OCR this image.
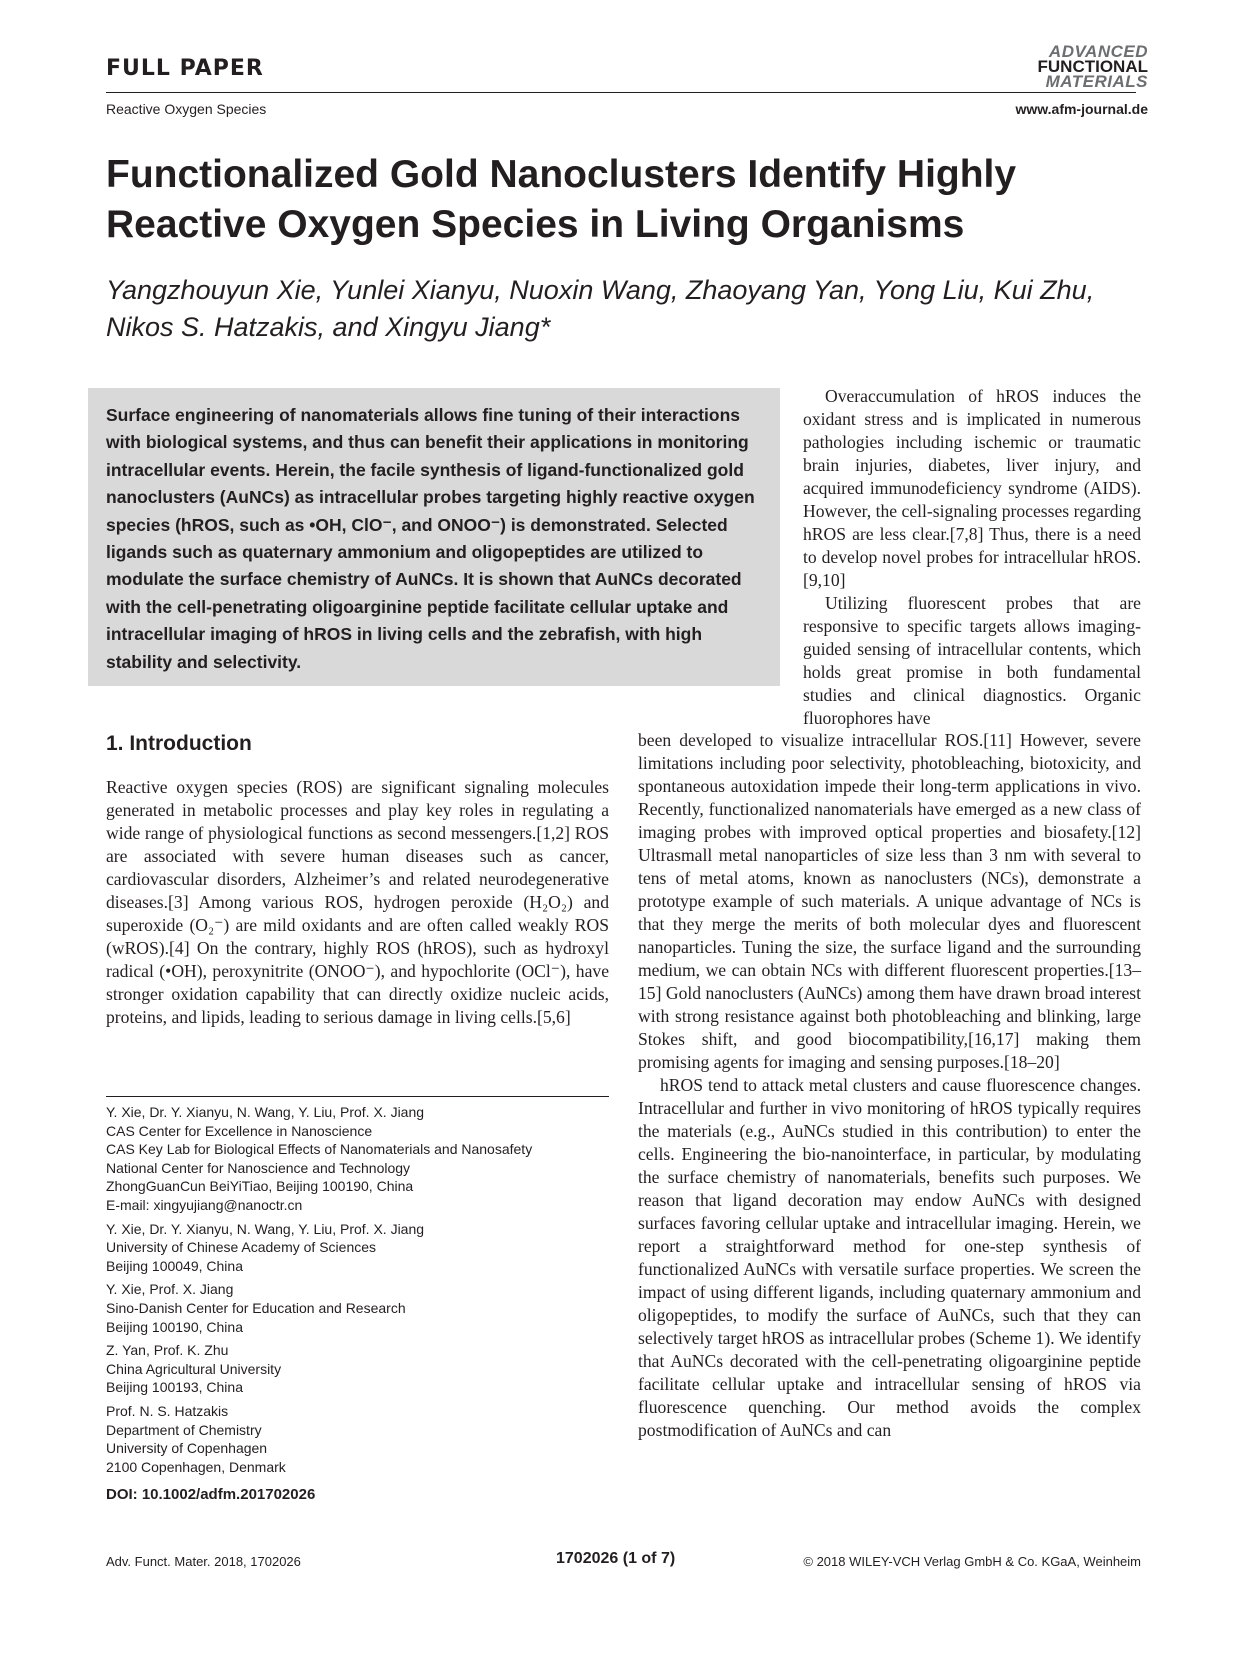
FULL PAPER
Reactive Oxygen Species
ADVANCED
FUNCTIONAL
MATERIALS
www.afm-journal.de
Functionalized Gold Nanoclusters Identify Highly Reactive Oxygen Species in Living Organisms
Yangzhouyun Xie, Yunlei Xianyu, Nuoxin Wang, Zhaoyang Yan, Yong Liu, Kui Zhu,
Nikos S. Hatzakis, and Xingyu Jiang*

Surface engineering of nanomaterials allows fine tuning of their interactions with biological systems, and thus can benefit their applications in monitoring intracellular events. Herein, the facile synthesis of ligand-functionalized gold nanoclusters (AuNCs) as intracellular probes targeting highly reactive oxygen species (hROS, such as •OH, ClO⁻, and ONOO⁻) is demonstrated. Selected ligands such as quaternary ammonium and oligopeptides are utilized to modulate the surface chemistry of AuNCs. It is shown that AuNCs decorated with the cell-penetrating oligoarginine peptide facilitate cellular uptake and intracellular imaging of hROS in living cells and the zebrafish, with high stability and selectivity.

Overaccumulation of hROS induces the oxidant stress and is implicated in numerous pathologies including ischemic or traumatic brain injuries, diabetes, liver injury, and acquired immunodeficiency syndrome (AIDS). However, the cell-signaling processes regarding hROS are less clear.[7,8] Thus, there is a need to develop novel probes for intracellular hROS.[9,10]

Utilizing fluorescent probes that are responsive to specific targets allows imaging-guided sensing of intracellular contents, which holds great promise in both fundamental studies and clinical diagnostics. Organic fluorophores have

1. Introduction

Reactive oxygen species (ROS) are significant signaling molecules generated in metabolic processes and play key roles in regulating a wide range of physiological functions as second messengers.[1,2] ROS are associated with severe human diseases such as cancer, cardiovascular disorders, Alzheimer’s and related neurodegenerative diseases.[3] Among various ROS, hydrogen peroxide (H₂O₂) and superoxide (O₂⁻) are mild oxidants and are often called weakly ROS (wROS).[4] On the contrary, highly ROS (hROS), such as hydroxyl radical (•OH), peroxynitrite (ONOO⁻), and hypochlorite (OCl⁻), have stronger oxidation capability that can directly oxidize nucleic acids, proteins, and lipids, leading to serious damage in living cells.[5,6]

been developed to visualize intracellular ROS.[11] However, severe limitations including poor selectivity, photobleaching, biotoxicity, and spontaneous autoxidation impede their long-term applications in vivo. Recently, functionalized nanomaterials have emerged as a new class of imaging probes with improved optical properties and biosafety.[12] Ultrasmall metal nanoparticles of size less than 3 nm with several to tens of metal atoms, known as nanoclusters (NCs), demonstrate a prototype example of such materials. A unique advantage of NCs is that they merge the merits of both molecular dyes and fluorescent nanoparticles. Tuning the size, the surface ligand and the surrounding medium, we can obtain NCs with different fluorescent properties.[13–15] Gold nanoclusters (AuNCs) among them have drawn broad interest with strong resistance against both photobleaching and blinking, large Stokes shift, and good biocompatibility,[16,17] making them promising agents for imaging and sensing purposes.[18–20]

hROS tend to attack metal clusters and cause fluorescence changes. Intracellular and further in vivo monitoring of hROS typically requires the materials (e.g., AuNCs studied in this contribution) to enter the cells. Engineering the bio-nanointerface, in particular, by modulating the surface chemistry of nanomaterials, benefits such purposes. We reason that ligand decoration may endow AuNCs with designed surfaces favoring cellular uptake and intracellular imaging. Herein, we report a straightforward method for one-step synthesis of functionalized AuNCs with versatile surface properties. We screen the impact of using different ligands, including quaternary ammonium and oligopeptides, to modify the surface of AuNCs, such that they can selectively target hROS as intracellular probes (Scheme 1). We identify that AuNCs decorated with the cell-penetrating oligoarginine peptide facilitate cellular uptake and intracellular sensing of hROS via fluorescence quenching. Our method avoids the complex postmodification of AuNCs and can

Y. Xie, Dr. Y. Xianyu, N. Wang, Y. Liu, Prof. X. Jiang
CAS Center for Excellence in Nanoscience
CAS Key Lab for Biological Effects of Nanomaterials and Nanosafety
National Center for Nanoscience and Technology
ZhongGuanCun BeiYiTiao, Beijing 100190, China
E-mail: xingyujiang@nanoctr.cn
Y. Xie, Dr. Y. Xianyu, N. Wang, Y. Liu, Prof. X. Jiang
University of Chinese Academy of Sciences
Beijing 100049, China
Y. Xie, Prof. X. Jiang
Sino-Danish Center for Education and Research
Beijing 100190, China
Z. Yan, Prof. K. Zhu
China Agricultural University
Beijing 100193, China
Prof. N. S. Hatzakis
Department of Chemistry
University of Copenhagen
2100 Copenhagen, Denmark
DOI: 10.1002/adfm.201702026
Adv. Funct. Mater. 2018, 1702026	1702026 (1 of 7)	© 2018 WILEY-VCH Verlag GmbH & Co. KGaA, Weinheim
